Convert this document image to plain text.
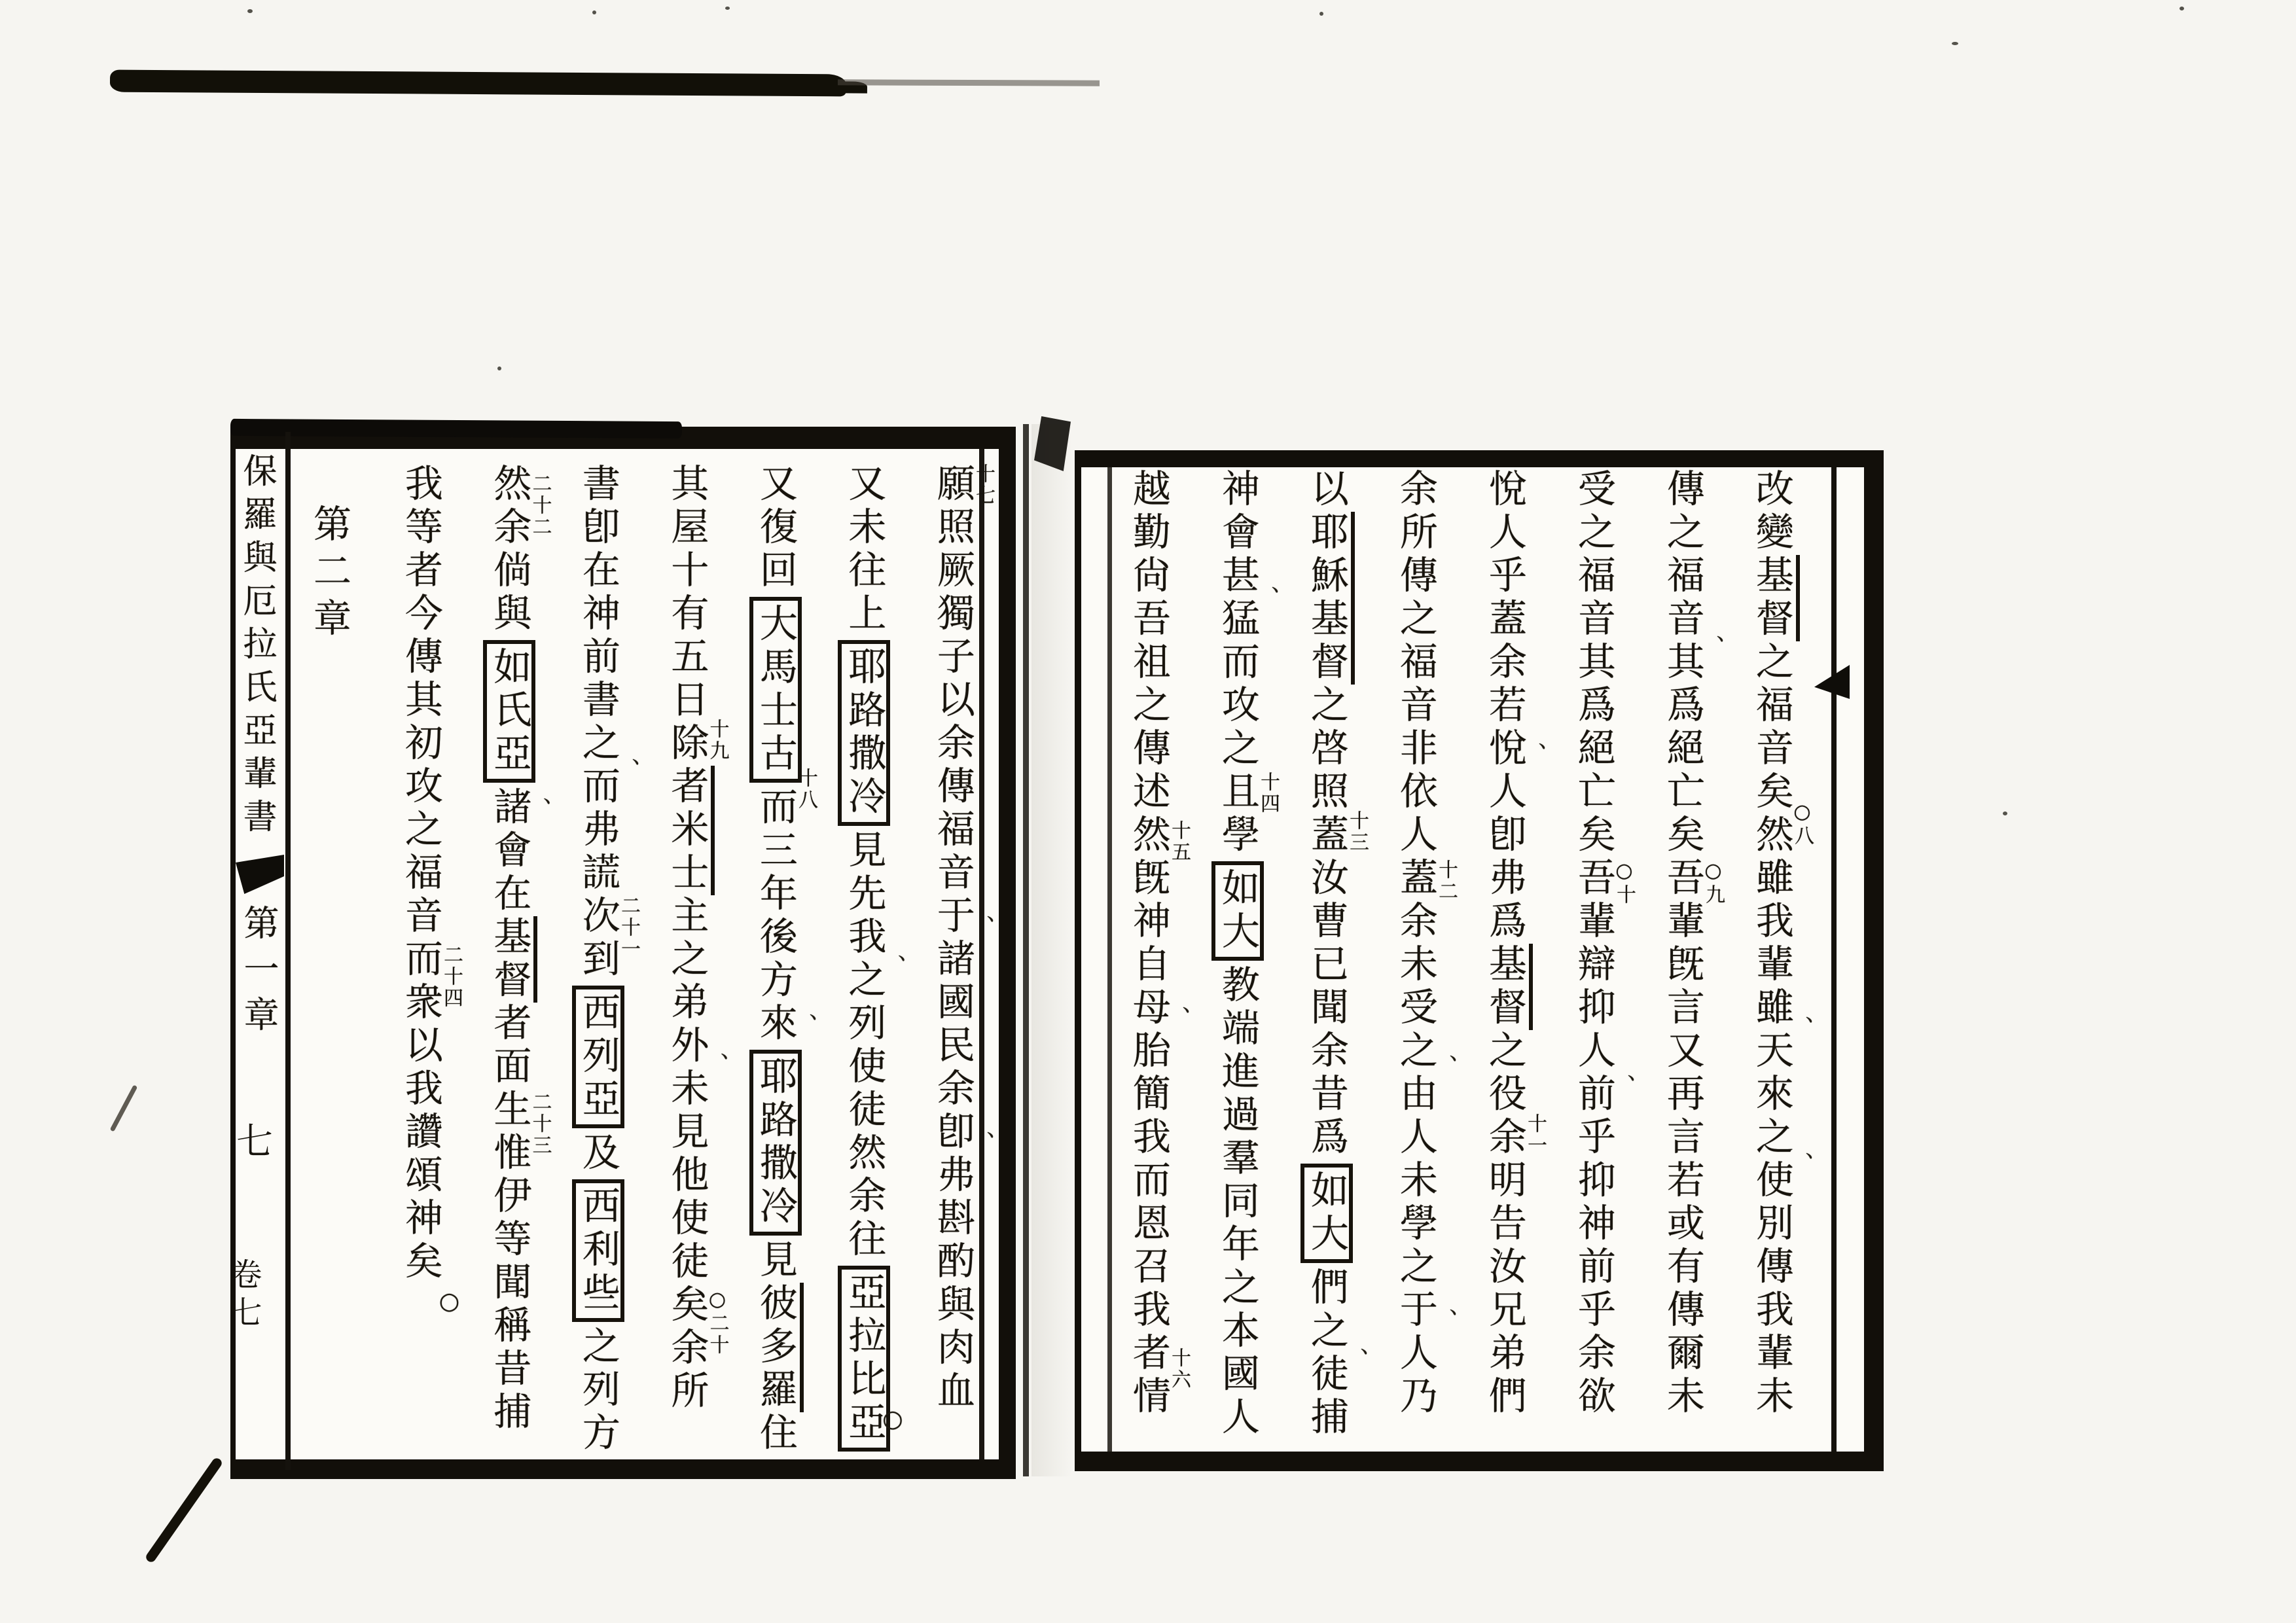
保羅與厄拉氏亞輩書
第一章
七
卷七
第二章	改變基督之福音矣然雖我輩雖天來之使別傳我輩未
○八
、
、
傳之福音其爲絕亡矣吾輩旣言又再言若或有傳爾未
○九
、
受之福音其爲絕亡矣吾輩辯抑人前乎抑神前乎余欲
○十
、
悅人乎蓋余若悅人卽弗爲基督之役余明告汝兄弟們
十一
、
余所傳之福音非依人蓋余未受之由人未學之于人乃
十二
、
、
以耶穌基督之啓照蓋汝曹已聞余昔爲如大們之徒捕
十三
、
神會甚猛而攻之且學如大教端進過羣同年之本國人
十四
、
越勤尙吾祖之傳述然旣神自母胎簡我而恩召我者情
十五
十六
、
願照厥獨子以余傳福音于諸國民余卽弗斟酌與肉血
十七
、
、
又未往上耶路撒冷見先我之列使徒然余往亞拉比亞
、
○
又復回大馬士古而三年後方來耶路撒冷見彼多羅住
十八
、
其屋十有五日除者米士主之弟外未見他使徒矣余所
十九
○二十
、
書卽在神前書之而弗謊次到西列亞及西利些之列方
二十一
、
然余倘與如氏亞諸會在基督者面生惟伊等聞稱昔捕
二十二
二十三
、
我等者今傳其初攻之福音而衆以我讚頌神矣
二十四
○
